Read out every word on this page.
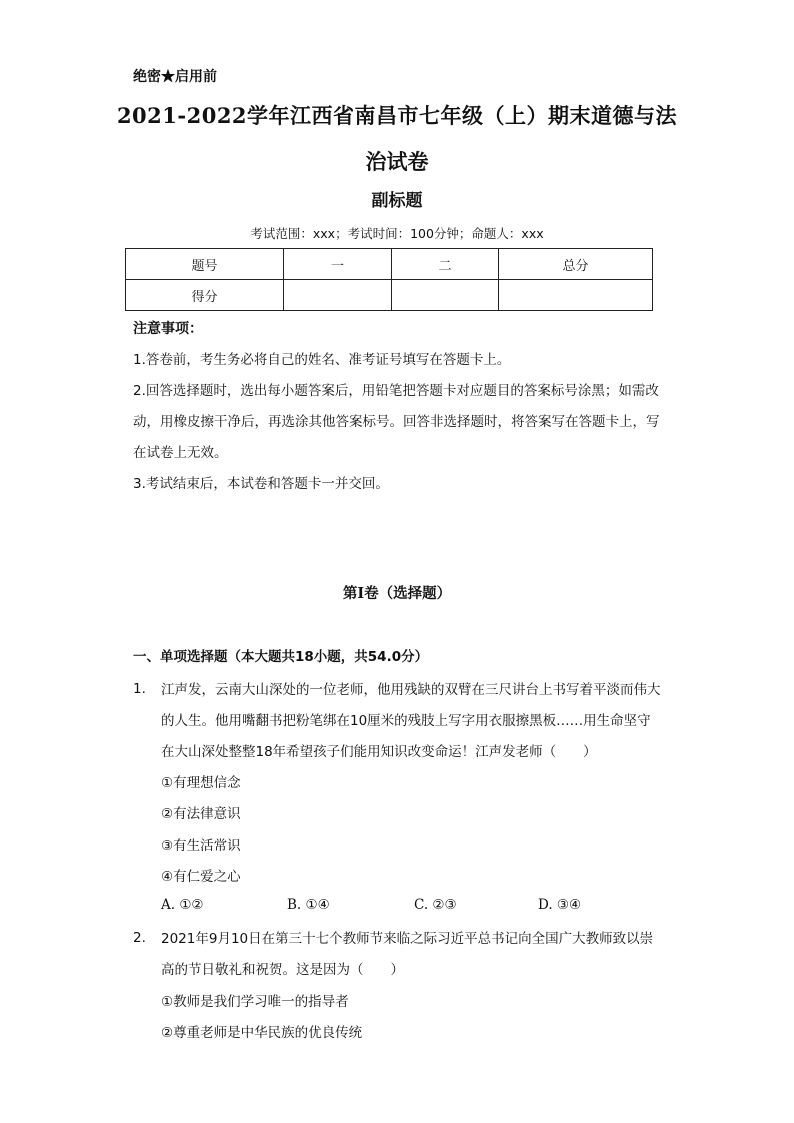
绝密★启用前
2021-2022学年江西省南昌市七年级（上）期末道德与法
治试卷
副标题
考试范围：xxx；考试时间：100分钟；命题人：xxx
题号	一	二	总分
得分			
注意事项：
1.答卷前，考生务必将自己的姓名、准考证号填写在答题卡上。
2.回答选择题时，选出每小题答案后，用铅笔把答题卡对应题目的答案标号涂黑；如需改动，用橡皮擦干净后，再选涂其他答案标号。回答非选择题时，将答案写在答题卡上，写在试卷上无效。
3.考试结束后，本试卷和答题卡一并交回。
第Ⅰ卷（选择题）
一、单项选择题（本大题共18小题，共54.0分）
1. 江声发，云南大山深处的一位老师，他用残缺的双臂在三尺讲台上书写着平淡而伟大的人生。他用嘴翻书把粉笔绑在10厘米的残肢上写字用衣服擦黑板……用生命坚守在大山深处整整18年希望孩子们能用知识改变命运！江声发老师（　　）
①有理想信念
②有法律意识
③有生活常识
④有仁爱之心
A. ①②	B. ①④	C. ②③	D. ③④
2. 2021年9月10日在第三十七个教师节来临之际习近平总书记向全国广大教师致以崇高的节日敬礼和祝贺。这是因为（　　）
①教师是我们学习唯一的指导者
②尊重老师是中华民族的优良传统
